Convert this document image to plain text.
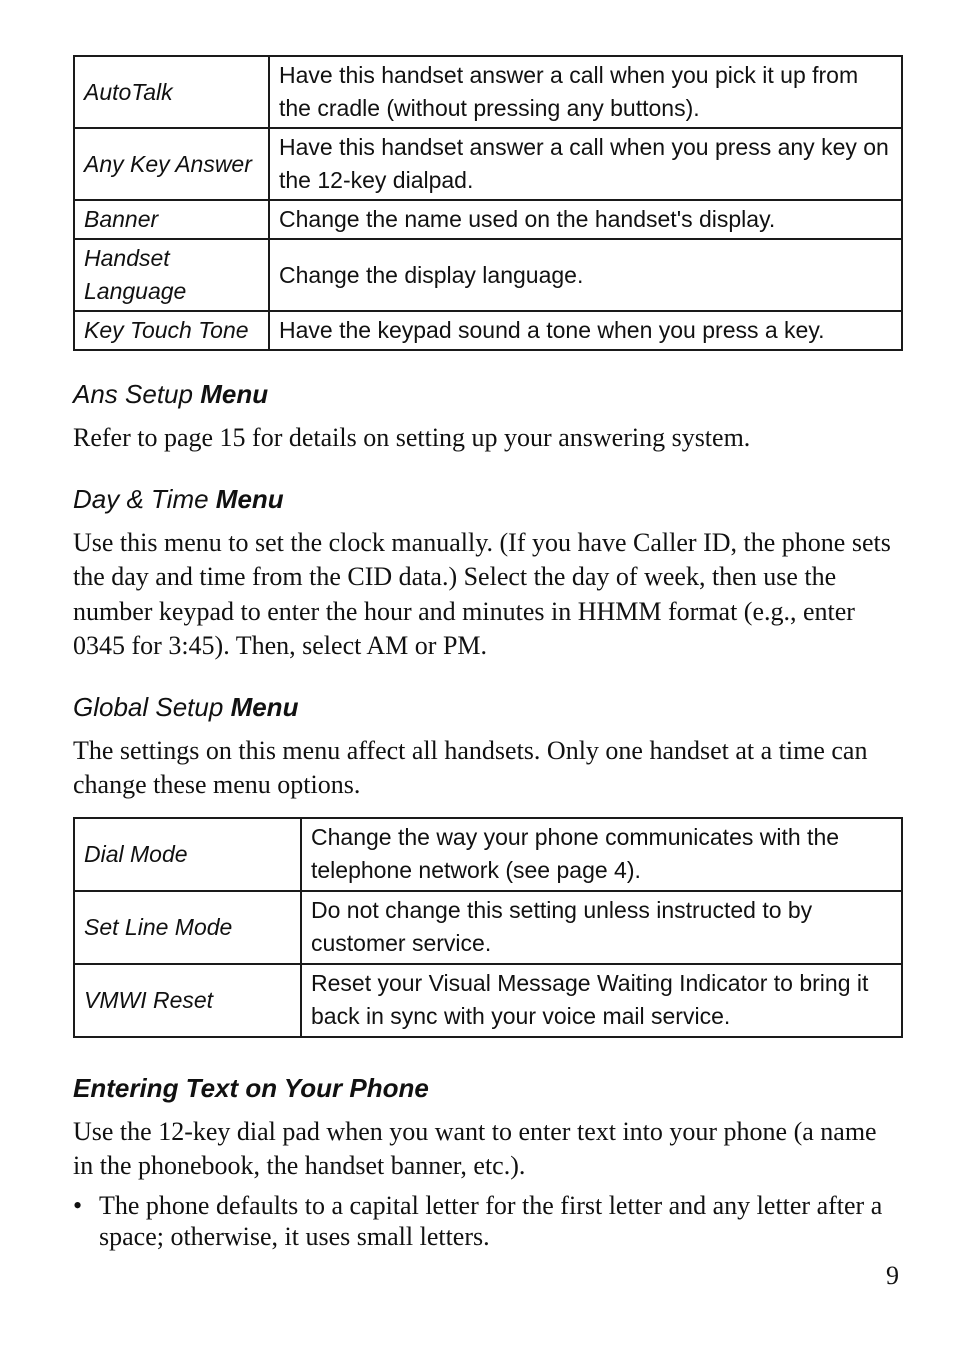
AutoTalk	Have this handset answer a call when you pick it up from the cradle (without pressing any buttons).
Any Key Answer	Have this handset answer a call when you press any key on the 12-key dialpad.
Banner	Change the name used on the handset's display.
Handset Language	Change the display language.
Key Touch Tone	Have the keypad sound a tone when you press a key.
Ans Setup Menu

Refer to page 15 for details on setting up your answering system.

Day & Time Menu

Use this menu to set the clock manually. (If you have Caller ID, the phone sets the day and time from the CID data.) Select the day of week, then use the number keypad to enter the hour and minutes in HHMM format (e.g., enter 0345 for 3:45). Then, select AM or PM.

Global Setup Menu

The settings on this menu affect all handsets. Only one handset at a time can change these menu options.

Dial Mode	Change the way your phone communicates with the telephone network (see page 4).
Set Line Mode	Do not change this setting unless instructed to by customer service.
VMWI Reset	Reset your Visual Message Waiting Indicator to bring it back in sync with your voice mail service.
Entering Text on Your Phone

Use the 12-key dial pad when you want to enter text into your phone (a name in the phonebook, the handset banner, etc.).

• The phone defaults to a capital letter for the first letter and any letter after a space; otherwise, it uses small letters.
9
